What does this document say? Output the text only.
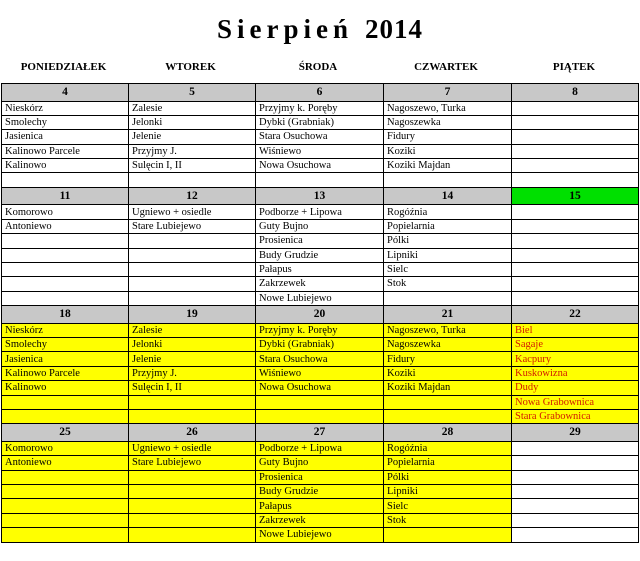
Sierpień 2014
PONIEDZIAŁEK	WTOREK	ŚRODA	CZWARTEK	PIĄTEK
4	5	6	7	8
Nieskórz	Zalesie	Przyjmy k. Poręby	Nagoszewo, Turka	
Smolechy	Jelonki	Dybki (Grabniak)	Nagoszewka	
Jasienica	Jelenie	Stara Osuchowa	Fidury	
Kalinowo Parcele	Przyjmy J.	Wiśniewo	Koziki	
Kalinowo	Sulęcin I, II	Nowa Osuchowa	Koziki Majdan	

11	12	13	14	15
Komorowo	Ugniewo + osiedle	Podborze + Lipowa	Rogóźnia	
Antoniewo	Stare Lubiejewo	Guty Bujno	Popielarnia	
		Prosienica	Pólki	
		Budy Grudzie	Lipniki	
		Pałapus	Sielc	
		Zakrzewek	Stok	
		Nowe Lubiejewo		
18	19	20	21	22
Nieskórz	Zalesie	Przyjmy k. Poręby	Nagoszewo, Turka	Biel
Smolechy	Jelonki	Dybki (Grabniak)	Nagoszewka	Sagaje
Jasienica	Jelenie	Stara Osuchowa	Fidury	Kacpury
Kalinowo Parcele	Przyjmy J.	Wiśniewo	Koziki	Kuskowizna
Kalinowo	Sulęcin I, II	Nowa Osuchowa	Koziki Majdan	Dudy
				Nowa Grabownica
				Stara Grabownica
25	26	27	28	29
Komorowo	Ugniewo + osiedle	Podborze + Lipowa	Rogóźnia	
Antoniewo	Stare Lubiejewo	Guty Bujno	Popielarnia	
		Prosienica	Pólki	
		Budy Grudzie	Lipniki	
		Pałapus	Sielc	
		Zakrzewek	Stok	
		Nowe Lubiejewo		
